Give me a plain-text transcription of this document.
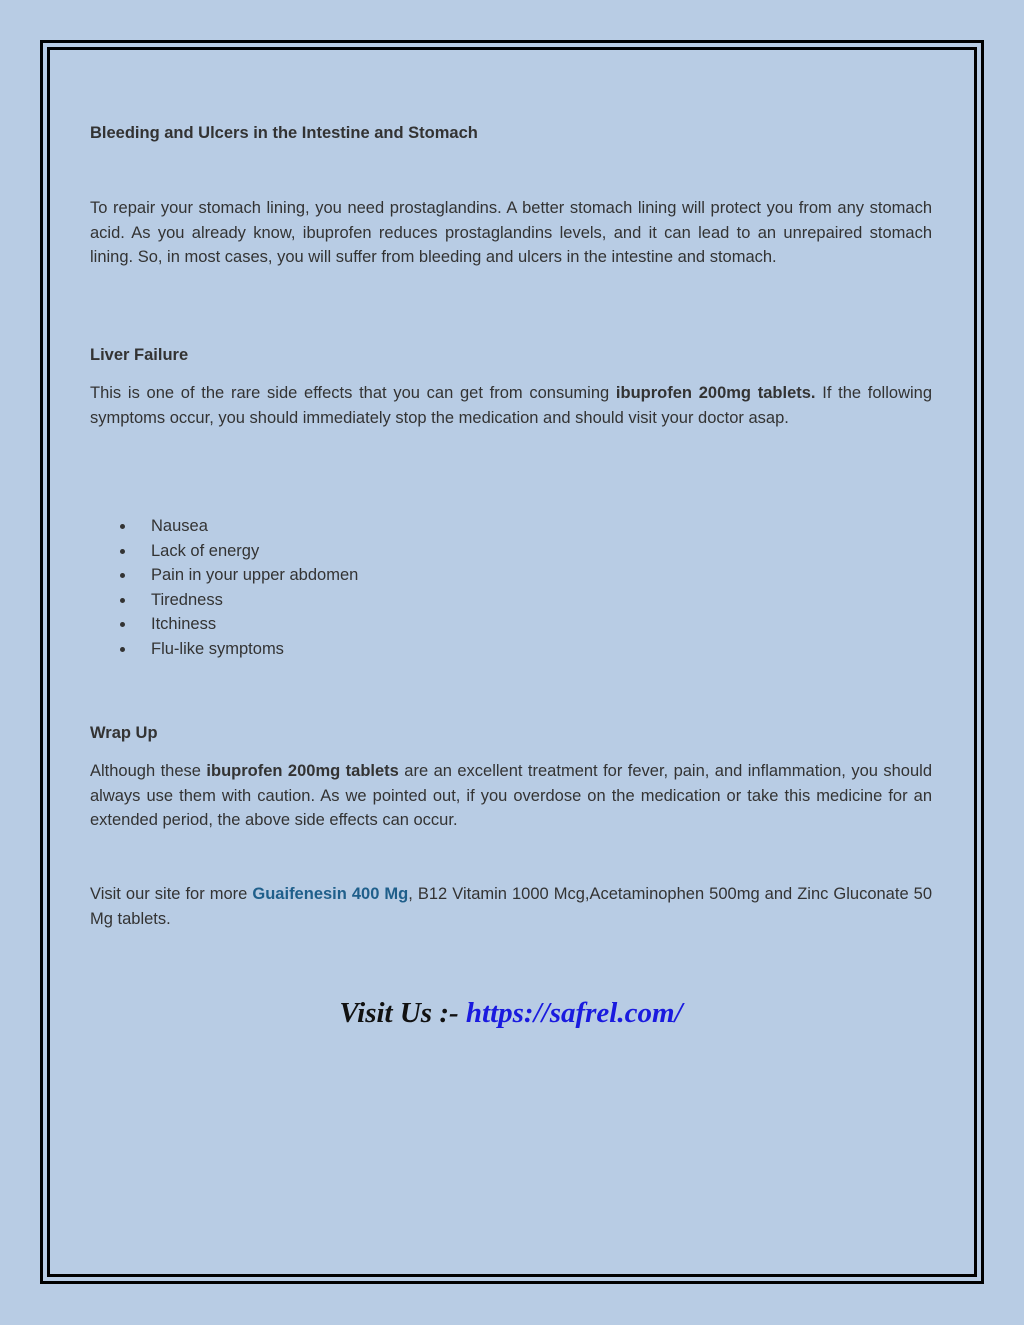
Bleeding and Ulcers in the Intestine and Stomach
To repair your stomach lining, you need prostaglandins. A better stomach lining will protect you from any stomach acid. As you already know, ibuprofen reduces prostaglandins levels, and it can lead to an unrepaired stomach lining. So, in most cases, you will suffer from bleeding and ulcers in the intestine and stomach.
Liver Failure
This is one of the rare side effects that you can get from consuming ibuprofen 200mg tablets. If the following symptoms occur, you should immediately stop the medication and should visit your doctor asap.
Nausea
Lack of energy
Pain in your upper abdomen
Tiredness
Itchiness
Flu-like symptoms
Wrap Up
Although these ibuprofen 200mg tablets are an excellent treatment for fever, pain, and inflammation, you should always use them with caution. As we pointed out, if you overdose on the medication or take this medicine for an extended period, the above side effects can occur.
Visit our site for more Guaifenesin 400 Mg, B12 Vitamin 1000 Mcg,Acetaminophen 500mg and Zinc Gluconate 50 Mg tablets.
Visit Us :- https://safrel.com/
